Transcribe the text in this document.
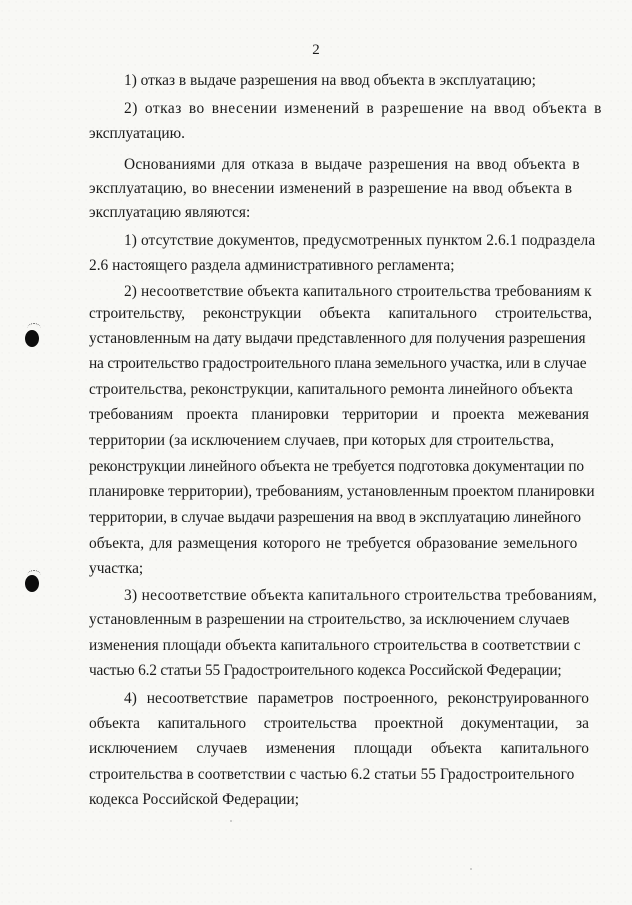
2
1) отказ в выдаче разрешения на ввод объекта в эксплуатацию;
2) отказ во внесении изменений в разрешение на ввод объекта в
эксплуатацию.
Основаниями для отказа в выдаче разрешения на ввод объекта в
эксплуатацию, во внесении изменений в разрешение на ввод объекта в
эксплуатацию являются:
1) отсутствие документов, предусмотренных пунктом 2.6.1 подраздела
2.6 настоящего раздела административного регламента;
2) несоответствие объекта капитального строительства требованиям к
строительству, реконструкции объекта капитального строительства,
установленным на дату выдачи представленного для получения разрешения
на строительство градостроительного плана земельного участка, или в случае
строительства, реконструкции, капитального ремонта линейного объекта
требованиям проекта планировки территории и проекта межевания
территории (за исключением случаев, при которых для строительства,
реконструкции линейного объекта не требуется подготовка документации по
планировке территории), требованиям, установленным проектом планировки
территории, в случае выдачи разрешения на ввод в эксплуатацию линейного
объекта, для размещения которого не требуется образование земельного
участка;
3) несоответствие объекта капитального строительства требованиям,
установленным в разрешении на строительство, за исключением случаев
изменения площади объекта капитального строительства в соответствии с
частью 6.2 статьи 55 Градостроительного кодекса Российской Федерации;
4) несоответствие параметров построенного, реконструированного
объекта капитального строительства проектной документации, за
исключением случаев изменения площади объекта капитального
строительства в соответствии с частью 6.2 статьи 55 Градостроительного
кодекса Российской Федерации;
